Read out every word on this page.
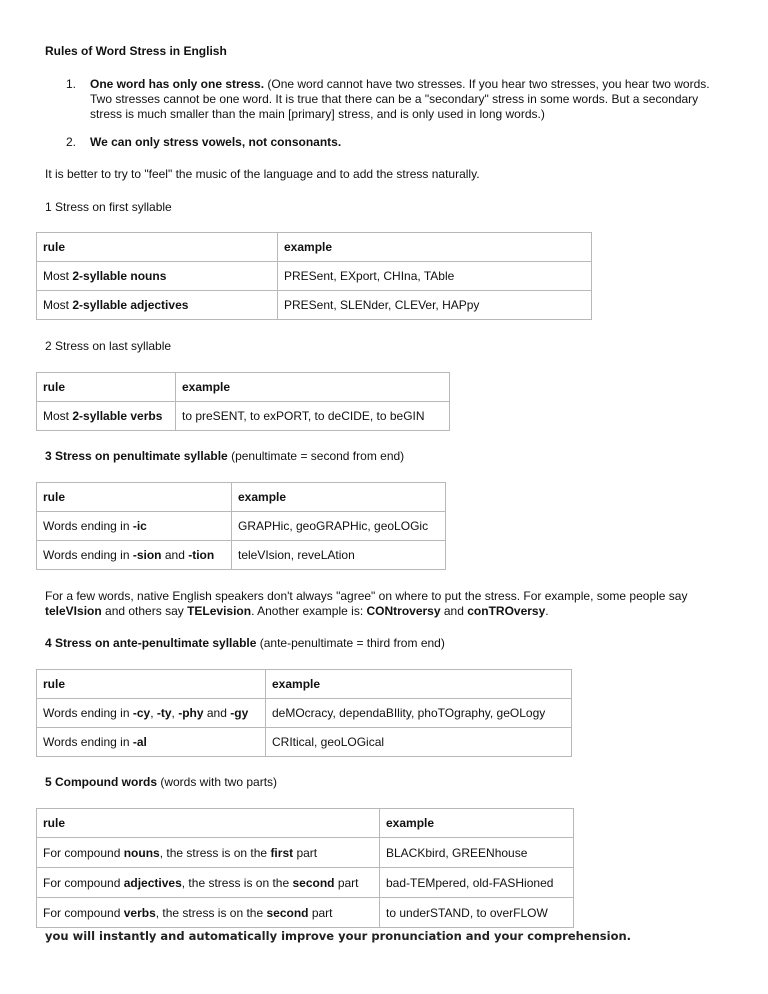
Rules of Word Stress in English
1. One word has only one stress. (One word cannot have two stresses. If you hear two stresses, you hear two words. Two stresses cannot be one word. It is true that there can be a "secondary" stress in some words. But a secondary stress is much smaller than the main [primary] stress, and is only used in long words.)
2. We can only stress vowels, not consonants.
It is better to try to "feel" the music of the language and to add the stress naturally.
1 Stress on first syllable
rule	example
Most 2-syllable nouns	PRESent, EXport, CHIna, TAble
Most 2-syllable adjectives	PRESent, SLENder, CLEVer, HAPpy
2 Stress on last syllable
rule	example
Most 2-syllable verbs	to preSENT, to exPORT, to deCIDE, to beGIN
3 Stress on penultimate syllable (penultimate = second from end)
rule	example
Words ending in -ic	GRAPHic, geoGRAPHic, geoLOGic
Words ending in -sion and -tion	teleVIsion, reveLAtion
For a few words, native English speakers don't always "agree" on where to put the stress. For example, some people say
teleVIsion and others say TELevision. Another example is: CONtroversy and conTROversy.
4 Stress on ante-penultimate syllable (ante-penultimate = third from end)
rule	example
Words ending in -cy, -ty, -phy and -gy	deMOcracy, dependaBIlity, phoTOgraphy, geOLogy
Words ending in -al	CRItical, geoLOGical
5 Compound words (words with two parts)
rule	example
For compound nouns, the stress is on the first part	BLACKbird, GREENhouse
For compound adjectives, the stress is on the second part	bad-TEMpered, old-FASHioned
For compound verbs, the stress is on the second part	to underSTAND, to overFLOW
you will instantly and automatically improve your pronunciation and your comprehension.
